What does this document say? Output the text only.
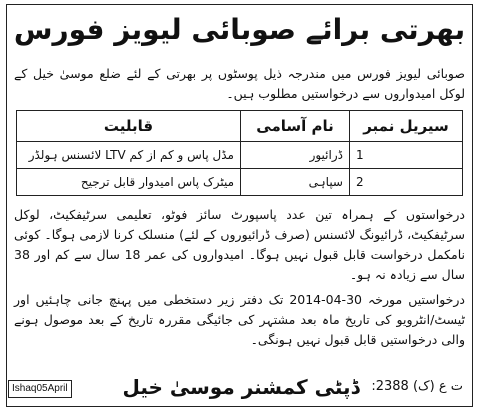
بھرتی برائے صوبائی لیویز فورس

صوبائی لیویز فورس میں مندرجہ ذیل پوسٹوں پر بھرتی کے لئے ضلع موسیٰ خیل کے لوکل امیدواروں سے درخواستیں مطلوب ہیں۔

سیریل نمبر	نام آسامی	قابلیت
1	ڈرائیور	مڈل پاس و کم از کم LTV لائسنس ہولڈر
2	سپاہی	میٹرک پاس امیدوار قابل ترجیح

درخواستوں کے ہمراہ تین عدد پاسپورٹ سائز فوٹو، تعلیمی سرٹیفکیٹ، لوکل سرٹیفکیٹ، ڈرائیونگ لائسنس (صرف ڈرائیوروں کے لئے) منسلک کرنا لازمی ہوگا۔ کوئی نامکمل درخواست قابل قبول نہیں ہوگا۔ امیدواروں کی عمر 18 سال سے کم اور 38 سال سے زیادہ نہ ہو۔

درخواستیں مورخہ 30-04-2014 تک دفتر زیر دستخطی میں پہنچ جانی چاہئیں اور ٹیسٹ/انٹرویو کی تاریخ ماہ بعد مشتہر کی جائیگی مقررہ تاریخ کے بعد موصول ہونے والی درخواستیں قابل قبول نہیں ہونگی۔

Ishaq05April	ڈپٹی کمشنر موسیٰ خیل ت ع (ک) 2388:
